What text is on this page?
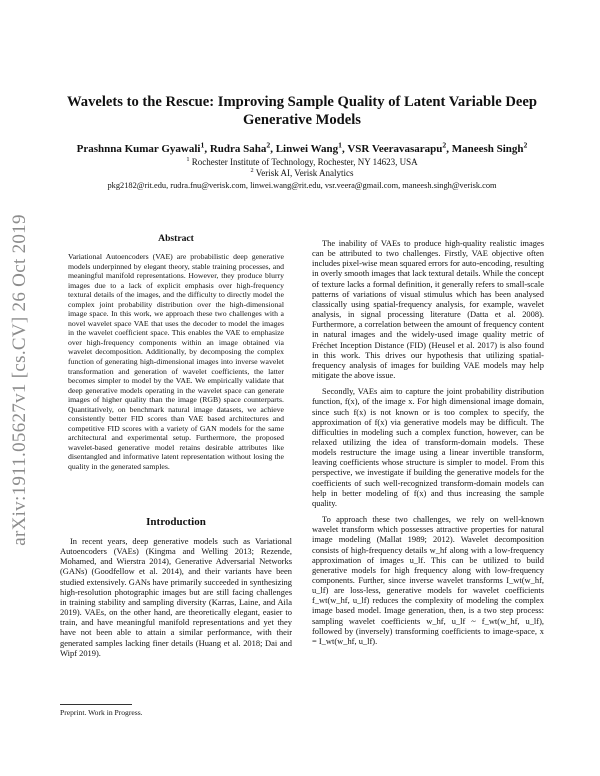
arXiv:1911.05627v1 [cs.CV] 26 Oct 2019
Wavelets to the Rescue: Improving Sample Quality of Latent Variable Deep Generative Models
Prashnna Kumar Gyawali$^1$, Rudra Saha$^2$, Linwei Wang$^1$, VSR Veeravasarapu$^2$, Maneesh Singh$^2$
$^1$ Rochester Institute of Technology, Rochester, NY 14623, USA
$^2$ Verisk AI, Verisk Analytics
pkg2182@rit.edu, rudra.fnu@verisk.com, linwei.wang@rit.edu, vsr.veera@gmail.com, maneesh.singh@verisk.com
Abstract
Variational Autoencoders (VAE) are probabilistic deep generative models underpinned by elegant theory, stable training processes, and meaningful manifold representations. However, they produce blurry images due to a lack of explicit emphasis over high-frequency textural details of the images, and the difficulty to directly model the complex joint probability distribution over the high-dimensional image space. In this work, we approach these two challenges with a novel wavelet space VAE that uses the decoder to model the images in the wavelet coefficient space. This enables the VAE to emphasize over high-frequency components within an image obtained via wavelet decomposition. Additionally, by decomposing the complex function of generating high-dimensional images into inverse wavelet transformation and generation of wavelet coefficients, the latter becomes simpler to model by the VAE. We empirically validate that deep generative models operating in the wavelet space can generate images of higher quality than the image (RGB) space counterparts. Quantitatively, on benchmark natural image datasets, we achieve consistently better FID scores than VAE based architectures and competitive FID scores with a variety of GAN models for the same architectural and experimental setup. Furthermore, the proposed wavelet-based generative model retains desirable attributes like disentangled and informative latent representation without losing the quality in the generated samples.
Introduction

In recent years, deep generative models such as Variational Autoencoders (VAEs) (Kingma and Welling 2013; Rezende, Mohamed, and Wierstra 2014), Generative Adversarial Networks (GANs) (Goodfellow et al. 2014), and their variants have been studied extensively. GANs have primarily succeeded in synthesizing high-resolution photographic images but are still facing challenges in training stability and sampling diversity (Karras, Laine, and Aila 2019). VAEs, on the other hand, are theoretically elegant, easier to train, and have meaningful manifold representations and yet they have not been able to attain a similar performance, with their generated samples lacking finer details (Huang et al. 2018; Dai and Wipf 2019).

The inability of VAEs to produce high-quality realistic images can be attributed to two challenges. Firstly, VAE objective often includes pixel-wise mean squared errors for auto-encoding, resulting in overly smooth images that lack textural details. While the concept of texture lacks a formal definition, it generally refers to small-scale patterns of variations of visual stimulus which has been analysed classically using spatial-frequency analysis, for example, wavelet analysis, in signal processing literature (Datta et al. 2008). Furthermore, a correlation between the amount of frequency content in natural images and the widely-used image quality metric of Fréchet Inception Distance (FID) (Heusel et al. 2017) is also found in this work. This drives our hypothesis that utilizing spatial-frequency analysis of images for building VAE models may help mitigate the above issue.

Secondly, VAEs aim to capture the joint probability distribution function, f(x), of the image x. For high dimensional image domain, since such f(x) is not known or is too complex to specify, the approximation of f(x) via generative models may be difficult. The difficulties in modeling such a complex function, however, can be relaxed utilizing the idea of transform-domain models. These models restructure the image using a linear invertible transform, leaving coefficients whose structure is simpler to model. From this perspective, we investigate if building the generative models for the coefficients of such well-recognized transform-domain models can help in better modeling of f(x) and thus increasing the sample quality.

To approach these two challenges, we rely on well-known wavelet transform which possesses attractive properties for natural image modeling (Mallat 1989; 2012). Wavelet decomposition consists of high-frequency details w_hf along with a low-frequency approximation of images u_lf. This can be utilized to build generative models for high frequency along with low-frequency components. Further, since inverse wavelet transforms I_wt(w_hf, u_lf) are loss-less, generative models for wavelet coefficients f_wt(w_hf, u_lf) reduces the complexity of modeling the complex image based model. Image generation, then, is a two step process: sampling wavelet coefficients w_hf, u_lf ~ f_wt(w_hf, u_lf), followed by (inversely) transforming coefficients to image-space, x = I_wt(w_hf, u_lf).

Preprint. Work in Progress.
